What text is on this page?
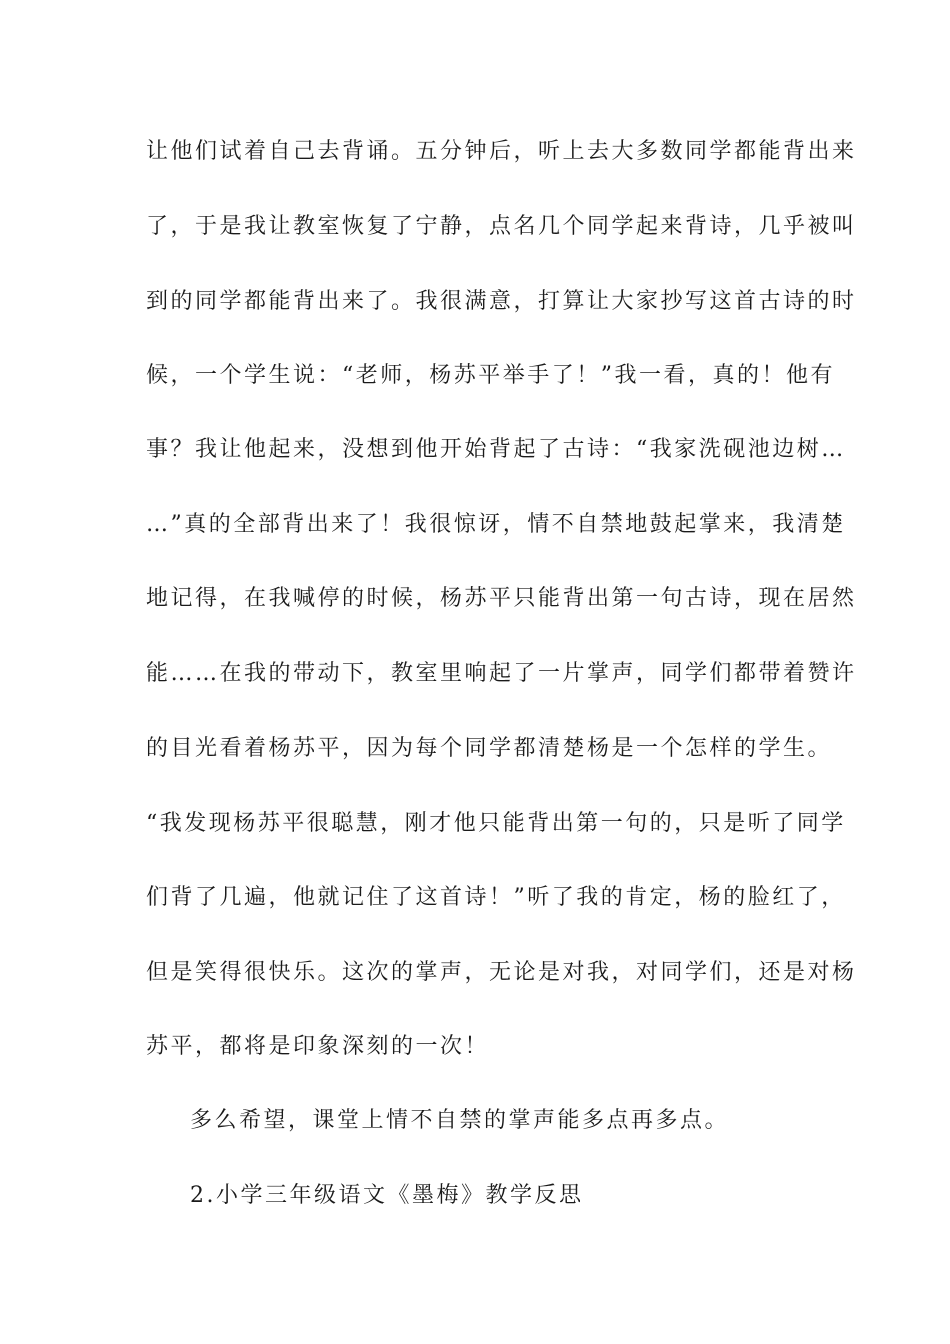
让他们试着自己去背诵。五分钟后，听上去大多数同学都能背出来
了，于是我让教室恢复了宁静，点名几个同学起来背诗，几乎被叫
到的同学都能背出来了。我很满意，打算让大家抄写这首古诗的时
候，一个学生说：“老师，杨苏平举手了！”我一看，真的！他有
事？我让他起来，没想到他开始背起了古诗：“我家洗砚池边树…
…”真的全部背出来了！我很惊讶，情不自禁地鼓起掌来，我清楚
地记得，在我喊停的时候，杨苏平只能背出第一句古诗，现在居然
能……在我的带动下，教室里响起了一片掌声，同学们都带着赞许
的目光看着杨苏平，因为每个同学都清楚杨是一个怎样的学生。
“我发现杨苏平很聪慧，刚才他只能背出第一句的，只是听了同学
们背了几遍，他就记住了这首诗！”听了我的肯定，杨的脸红了，
但是笑得很快乐。这次的掌声，无论是对我，对同学们，还是对杨
苏平，都将是印象深刻的一次！
多么希望，课堂上情不自禁的掌声能多点再多点。
2.小学三年级语文《墨梅》教学反思
